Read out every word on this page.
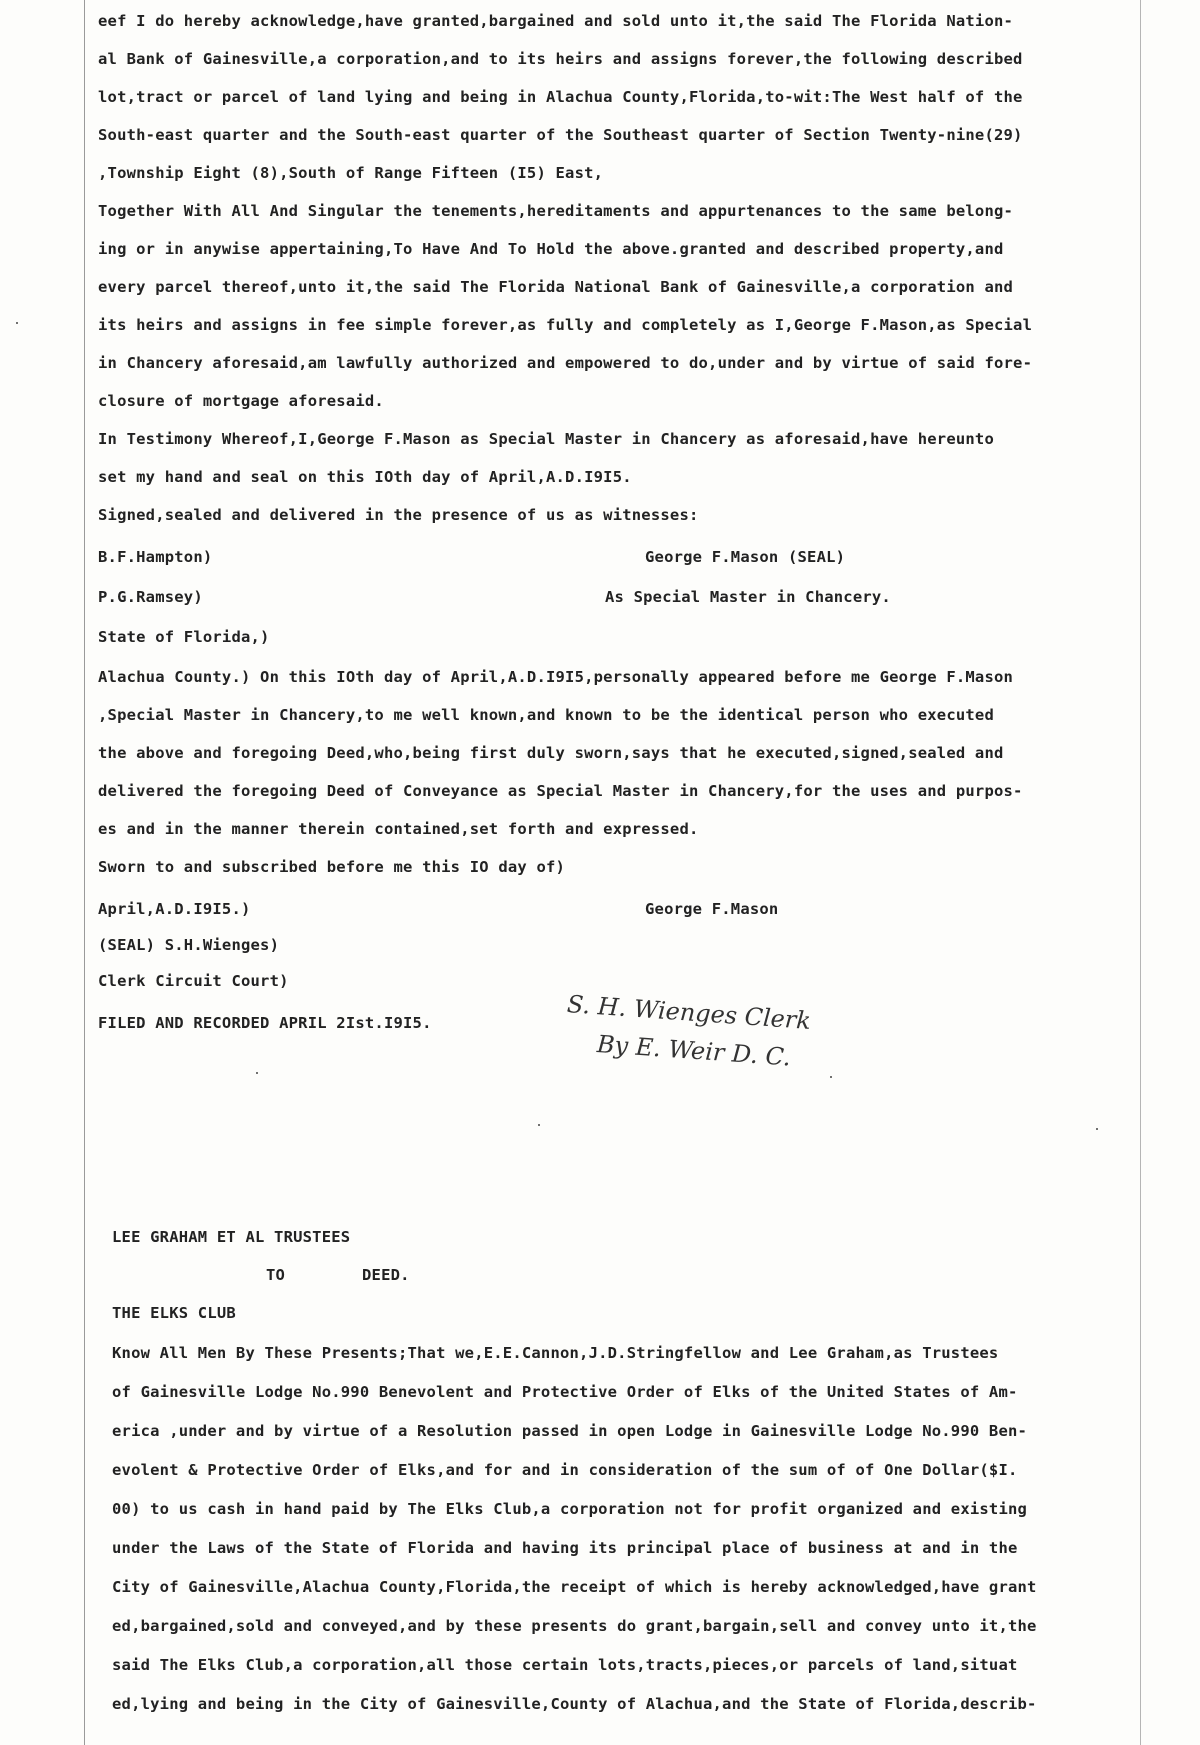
eef I do hereby acknowledge,have granted,bargained and sold unto it,the said The Florida Nation-
al Bank of Gainesville,a corporation,and to its heirs and assigns forever,the following described
lot,tract or parcel of land lying and being in Alachua County,Florida,to-wit:The West half of the
South-east quarter and the South-east quarter of the Southeast quarter of Section Twenty-nine(29)
,Township Eight (8),South of Range Fifteen (I5) East,
Together With All And Singular the tenements,hereditaments and appurtenances to the same belong-
ing or in anywise appertaining,To Have And To Hold the above.granted and described property,and
every parcel thereof,unto it,the said The Florida National Bank of Gainesville,a corporation and
its heirs and assigns in fee simple forever,as fully and completely as I,George F.Mason,as Special
in Chancery aforesaid,am lawfully authorized and empowered to do,under and by virtue of said fore-
closure of mortgage aforesaid.
In Testimony Whereof,I,George F.Mason as Special Master in Chancery as aforesaid,have hereunto
set my hand and seal on this IOth day of April,A.D.I9I5.
Signed,sealed and delivered in the presence of us as witnesses:
B.F.Hampton)	George F.Mason (SEAL)
P.G.Ramsey)	As Special Master in Chancery.
State of Florida,)
Alachua County.) On this IOth day of April,A.D.I9I5,personally appeared before me George F.Mason
,Special Master in Chancery,to me well known,and known to be the identical person who executed
the above and foregoing Deed,who,being first duly sworn,says that he executed,signed,sealed and
delivered the foregoing Deed of Conveyance as Special Master in Chancery,for the uses and purpos-
es and in the manner therein contained,set forth and expressed.
Sworn to and subscribed before me this IO day of)
April,A.D.I9I5.)	George F.Mason
(SEAL) S.H.Wienges)
Clerk Circuit Court)
FILED AND RECORDED APRIL 2Ist.I9I5.	S. H. Wienges Clerk
By E. Weir D. C.
LEE GRAHAM ET AL TRUSTEES
TO	DEED.
THE ELKS CLUB
Know All Men By These Presents;That we,E.E.Cannon,J.D.Stringfellow and Lee Graham,as Trustees
of Gainesville Lodge No.990 Benevolent and Protective Order of Elks of the United States of Am-
erica ,under and by virtue of a Resolution passed in open Lodge in Gainesville Lodge No.990 Ben-
evolent & Protective Order of Elks,and for and in consideration of the sum of of One Dollar($I.
00) to us cash in hand paid by The Elks Club,a corporation not for profit organized and existing
under the Laws of the State of Florida and having its principal place of business at and in the
City of Gainesville,Alachua County,Florida,the receipt of which is hereby acknowledged,have grant
ed,bargained,sold and conveyed,and by these presents do grant,bargain,sell and convey unto it,the
said The Elks Club,a corporation,all those certain lots,tracts,pieces,or parcels of land,situat
ed,lying and being in the City of Gainesville,County of Alachua,and the State of Florida,describ-
